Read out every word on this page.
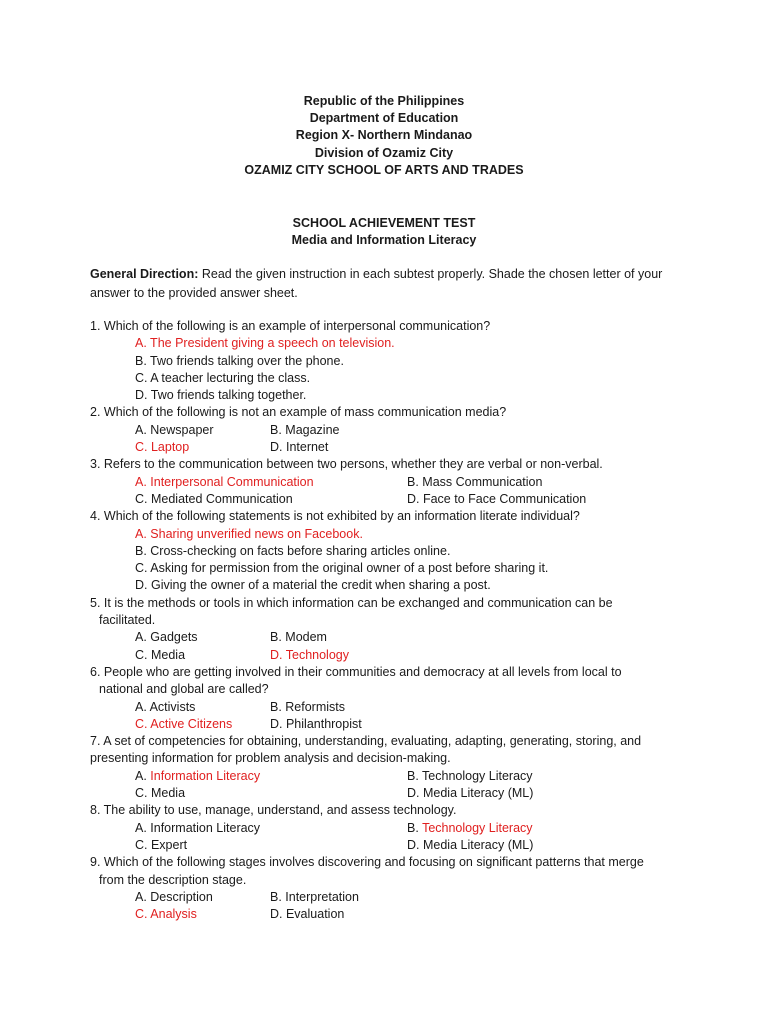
Republic of the Philippines
Department of Education
Region X- Northern Mindanao
Division of Ozamiz City
OZAMIZ CITY SCHOOL OF ARTS AND TRADES
SCHOOL ACHIEVEMENT TEST
Media and Information Literacy
General Direction: Read the given instruction in each subtest properly. Shade the chosen letter of your answer to the provided answer sheet.
1. Which of the following is an example of interpersonal communication?
A. The President giving a speech on television.
B. Two friends talking over the phone.
C. A teacher lecturing the class.
D. Two friends talking together.
2. Which of the following is not an example of mass communication media?
A. Newspaper	B. Magazine
C. Laptop	D. Internet
3. Refers to the communication between two persons, whether they are verbal or non-verbal.
A. Interpersonal Communication	B. Mass Communication
C. Mediated Communication	D. Face to Face Communication
4. Which of the following statements is not exhibited by an information literate individual?
A. Sharing unverified news on Facebook.
B. Cross-checking on facts before sharing articles online.
C. Asking for permission from the original owner of a post before sharing it.
D. Giving the owner of a material the credit when sharing a post.
5. It is the methods or tools in which information can be exchanged and communication can be
facilitated.
A. Gadgets	B. Modem
C. Media	D. Technology
6. People who are getting involved in their communities and democracy at all levels from local to
national and global are called?
A. Activists	B. Reformists
C. Active Citizens	D. Philanthropist
7. A set of competencies for obtaining, understanding, evaluating, adapting, generating, storing, and
presenting information for problem analysis and decision-making.
A. Information Literacy	B. Technology Literacy
C. Media	D. Media Literacy (ML)
8. The ability to use, manage, understand, and assess technology.
A. Information Literacy	B. Technology Literacy
C. Expert	D. Media Literacy (ML)
9. Which of the following stages involves discovering and focusing on significant patterns that merge
from the description stage.
A. Description	B. Interpretation
C. Analysis	D. Evaluation
